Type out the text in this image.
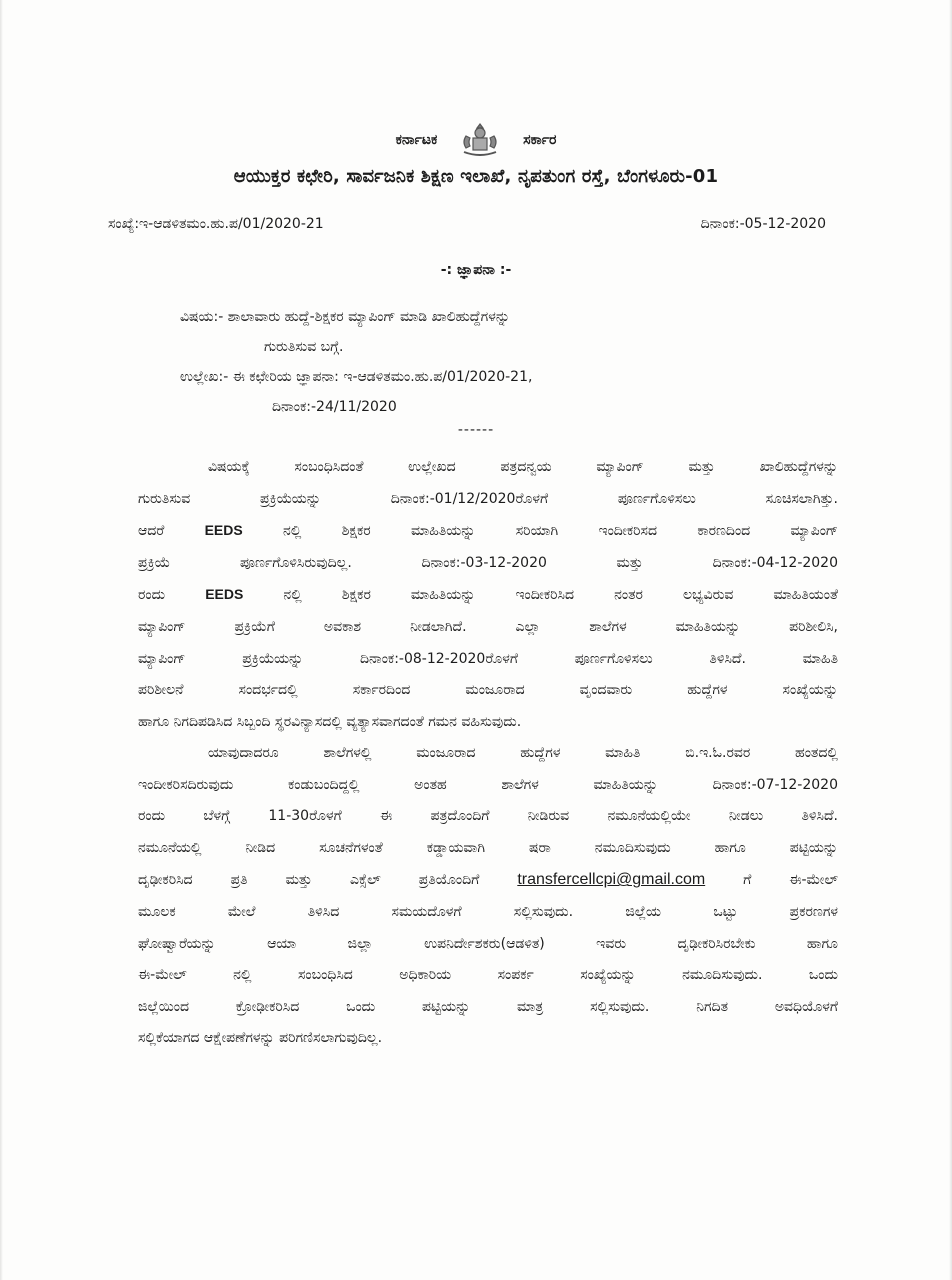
ಕರ್ನಾಟಕ	ಸರ್ಕಾರ
ಆಯುಕ್ತರ ಕಛೇರಿ, ಸಾರ್ವಜನಿಕ ಶಿಕ್ಷಣ ಇಲಾಖೆ, ನೃಪತುಂಗ ರಸ್ತೆ, ಬೆಂಗಳೂರು-01
ಸಂಖ್ಯೆ:ಇ-ಆಡಳಿತಮಂ.ಹು.ಪ/01/2020-21	ದಿನಾಂಕ:-05-12-2020
-: ಜ್ಞಾಪನಾ :-
ವಿಷಯ:- ಶಾಲಾವಾರು ಹುದ್ದೆ-ಶಿಕ್ಷಕರ ಮ್ಯಾಪಿಂಗ್ ಮಾಡಿ ಖಾಲಿಹುದ್ದೆಗಳನ್ನು
ಗುರುತಿಸುವ ಬಗ್ಗೆ.
ಉಲ್ಲೇಖ:- ಈ ಕಛೇರಿಯ ಜ್ಞಾಪನಾ: ಇ-ಆಡಳಿತಮಂ.ಹು.ಪ/01/2020-21,
ದಿನಾಂಕ:-24/11/2020
------
ವಿಷಯಕ್ಕೆ ಸಂಬಂಧಿಸಿದಂತೆ ಉಲ್ಲೇಖದ ಪತ್ರದನ್ವಯ ಮ್ಯಾಪಿಂಗ್ ಮತ್ತು ಖಾಲಿಹುದ್ದೆಗಳನ್ನು
ಗುರುತಿಸುವ ಪ್ರಕ್ರಿಯೆಯನ್ನು ದಿನಾಂಕ:-01/12/2020ರೊಳಗೆ ಪೂರ್ಣಗೊಳಿಸಲು ಸೂಚಿಸಲಾಗಿತ್ತು.
ಆದರೆ	EEDS	ನಲ್ಲಿ ಶಿಕ್ಷಕರ ಮಾಹಿತಿಯನ್ನು ಸರಿಯಾಗಿ ಇಂದೀಕರಿಸದ ಕಾರಣದಿಂದ ಮ್ಯಾಪಿಂಗ್
ಪ್ರಕ್ರಿಯೆ ಪೂರ್ಣಗೊಳಿಸಿರುವುದಿಲ್ಲ. ದಿನಾಂಕ:-03-12-2020 ಮತ್ತು ದಿನಾಂಕ:-04-12-2020
ರಂದು	EEDS	ನಲ್ಲಿ ಶಿಕ್ಷಕರ ಮಾಹಿತಿಯನ್ನು ಇಂದೀಕರಿಸಿದ ನಂತರ ಲಭ್ಯವಿರುವ ಮಾಹಿತಿಯಂತೆ
ಮ್ಯಾಪಿಂಗ್ ಪ್ರಕ್ರಿಯೆಗೆ ಅವಕಾಶ ನೀಡಲಾಗಿದೆ. ಎಲ್ಲಾ ಶಾಲೆಗಳ ಮಾಹಿತಿಯನ್ನು ಪರಿಶೀಲಿಸಿ,
ಮ್ಯಾಪಿಂಗ್ ಪ್ರಕ್ರಿಯೆಯನ್ನು ದಿನಾಂಕ:-08-12-2020ರೊಳಗೆ ಪೂರ್ಣಗೊಳಿಸಲು ತಿಳಿಸಿದೆ. ಮಾಹಿತಿ
ಪರಿಶೀಲನೆ ಸಂದರ್ಭದಲ್ಲಿ ಸರ್ಕಾರದಿಂದ ಮಂಜೂರಾದ ವೃಂದವಾರು ಹುದ್ದೆಗಳ ಸಂಖ್ಯೆಯನ್ನು
ಹಾಗೂ ನಿಗದಿಪಡಿಸಿದ ಸಿಬ್ಬಂದಿ ಸ್ಥರವಿನ್ಯಾಸದಲ್ಲಿ ವ್ಯತ್ಯಾಸವಾಗದಂತೆ ಗಮನ ವಹಿಸುವುದು.
ಯಾವುದಾದರೂ ಶಾಲೆಗಳಲ್ಲಿ ಮಂಜೂರಾದ ಹುದ್ದೆಗಳ ಮಾಹಿತಿ ಬಿ.ಇ.ಓ.ರವರ ಹಂತದಲ್ಲಿ
ಇಂದೀಕರಿಸದಿರುವುದು ಕಂಡುಬಂದಿದ್ದಲ್ಲಿ ಅಂತಹ ಶಾಲೆಗಳ ಮಾಹಿತಿಯನ್ನು ದಿನಾಂಕ:-07-12-2020
ರಂದು ಬೆಳಗ್ಗೆ 11-30ರೊಳಗೆ ಈ ಪತ್ರದೊಂದಿಗೆ ನೀಡಿರುವ ನಮೂನೆಯಲ್ಲಿಯೇ ನೀಡಲು ತಿಳಿಸಿದೆ.
ನಮೂನೆಯಲ್ಲಿ ನೀಡಿದ ಸೂಚನೆಗಳಂತೆ ಕಡ್ಡಾಯವಾಗಿ ಷರಾ ನಮೂದಿಸುವುದು ಹಾಗೂ ಪಟ್ಟಿಯನ್ನು
ದೃಢೀಕರಿಸಿದ ಪ್ರತಿ ಮತ್ತು ಎಕ್ಸೆಲ್ ಪ್ರತಿಯೊಂದಿಗೆ transfercellcpi@gmail.com	ಗೆ ಈ-ಮೇಲ್
ಮೂಲಕ ಮೇಲೆ ತಿಳಿಸಿದ ಸಮಯದೊಳಗೆ ಸಲ್ಲಿಸುವುದು. ಜಿಲ್ಲೆಯ ಒಟ್ಟು ಪ್ರಕರಣಗಳ
ಘೋಷ್ವಾರೆಯನ್ನು ಆಯಾ ಜಿಲ್ಲಾ ಉಪನಿರ್ದೇಶಕರು(ಆಡಳಿತ) ಇವರು ದೃಢೀಕರಿಸಿರಬೇಕು ಹಾಗೂ
ಈ-ಮೇಲ್ ನಲ್ಲಿ ಸಂಬಂಧಿಸಿದ ಅಧಿಕಾರಿಯ ಸಂಪರ್ಕ ಸಂಖ್ಯೆಯನ್ನು ನಮೂದಿಸುವುದು. ಒಂದು
ಜಿಲ್ಲೆಯಿಂದ ಕ್ರೋಢೀಕರಿಸಿದ ಒಂದು ಪಟ್ಟಿಯನ್ನು ಮಾತ್ರ ಸಲ್ಲಿಸುವುದು. ನಿಗದಿತ ಅವಧಿಯೊಳಗೆ
ಸಲ್ಲಿಕೆಯಾಗದ ಆಕ್ಷೇಪಣೆಗಳನ್ನು ಪರಿಗಣಿಸಲಾಗುವುದಿಲ್ಲ.
